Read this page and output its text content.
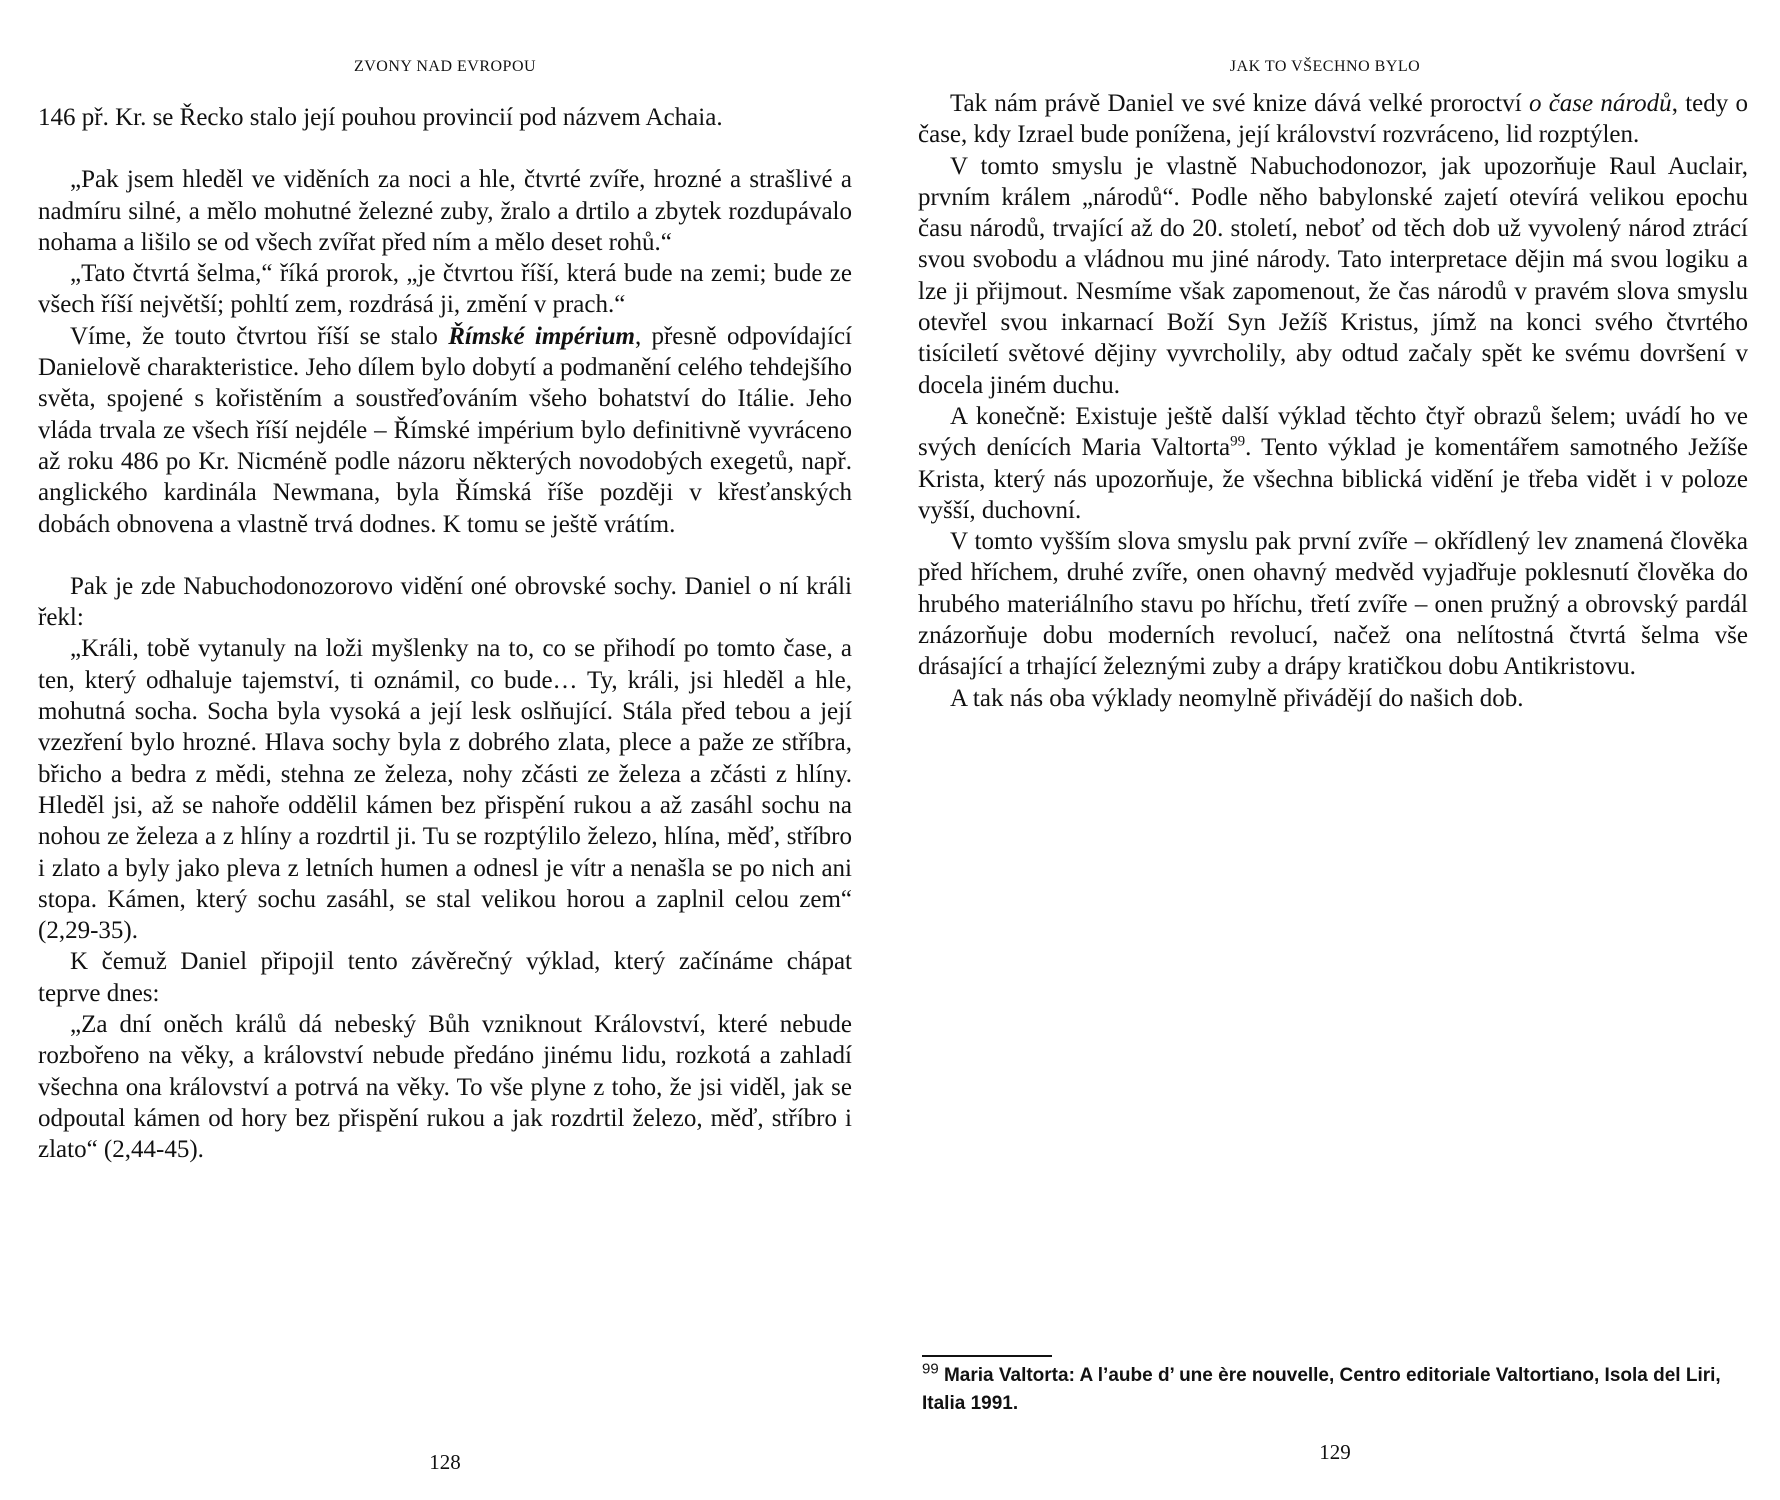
ZVONY NAD EVROPOU

146 př. Kr. se Řecko stalo její pouhou provincií pod názvem Achaia.

„Pak jsem hleděl ve viděních za noci a hle, čtvrté zvíře, hrozné a strašlivé a nadmíru silné, a mělo mohutné železné zuby, žralo a drtilo a zbytek rozdupávalo nohama a lišilo se od všech zvířat před ním a mělo deset rohů.“

„Tato čtvrtá šelma,“ říká prorok, „je čtvrtou říší, která bude na zemi; bude ze všech říší největší; pohltí zem, rozdrásá ji, změní v prach.“

Víme, že touto čtvrtou říší se stalo Římské impérium, přesně odpovídající Danielově charakteristice. Jeho dílem bylo dobytí a podmanění celého tehdejšího světa, spojené s kořistěním a soustřeďováním všeho bohatství do Itálie. Jeho vláda trvala ze všech říší nejdéle – Římské impérium bylo definitivně vyvráceno až roku 486 po Kr. Nicméně podle názoru některých novodobých exegetů, např. anglického kardinála Newmana, byla Římská říše později v křesťanských dobách obnovena a vlastně trvá dodnes. K tomu se ještě vrátím.

Pak je zde Nabuchodonozorovo vidění oné obrovské sochy. Daniel o ní králi řekl:

„Králi, tobě vytanuly na loži myšlenky na to, co se přihodí po tomto čase, a ten, který odhaluje tajemství, ti oznámil, co bude… Ty, králi, jsi hleděl a hle, mohutná socha. Socha byla vysoká a její lesk oslňující. Stála před tebou a její vzezření bylo hrozné. Hlava sochy byla z dobrého zlata, plece a paže ze stříbra, břicho a bedra z mědi, stehna ze železa, nohy zčásti ze železa a zčásti z hlíny. Hleděl jsi, až se nahoře oddělil kámen bez přispění rukou a až zasáhl sochu na nohou ze železa a z hlíny a rozdrtil ji. Tu se rozptýlilo železo, hlína, měď, stříbro i zlato a byly jako pleva z letních humen a odnesl je vítr a nenašla se po nich ani stopa. Kámen, který sochu zasáhl, se stal velikou horou a zaplnil celou zem“ (2,29-35).

K čemuž Daniel připojil tento závěrečný výklad, který začínáme chápat teprve dnes:

„Za dní oněch králů dá nebeský Bůh vzniknout Království, které nebude rozbořeno na věky, a království nebude předáno jinému lidu, rozkotá a zahladí všechna ona království a potrvá na věky. To vše plyne z toho, že jsi viděl, jak se odpoutal kámen od hory bez přispění rukou a jak rozdrtil železo, měď, stříbro i zlato“ (2,44-45).

128
JAK TO VŠECHNO BYLO

Tak nám právě Daniel ve své knize dává velké proroctví o čase národů, tedy o čase, kdy Izrael bude ponížena, její království rozvráceno, lid rozptýlen.

V tomto smyslu je vlastně Nabuchodonozor, jak upozorňuje Raul Auclair, prvním králem „národů“. Podle něho babylonské zajetí otevírá velikou epochu času národů, trvající až do 20. století, neboť od těch dob už vyvolený národ ztrácí svou svobodu a vládnou mu jiné národy. Tato interpretace dějin má svou logiku a lze ji přijmout. Nesmíme však zapomenout, že čas národů v pravém slova smyslu otevřel svou inkarnací Boží Syn Ježíš Kristus, jímž na konci svého čtvrtého tisíciletí světové dějiny vyvrcholily, aby odtud začaly spět ke svému dovršení v docela jiném duchu.

A konečně: Existuje ještě další výklad těchto čtyř obrazů šelem; uvádí ho ve svých denících Maria Valtorta$^{99}$. Tento výklad je komentářem samotného Ježíše Krista, který nás upozorňuje, že všechna biblická vidění je třeba vidět i v poloze vyšší, duchovní.

V tomto vyšším slova smyslu pak první zvíře – okřídlený lev znamená člověka před hříchem, druhé zvíře, onen ohavný medvěd vyjadřuje poklesnutí člověka do hrubého materiálního stavu po hříchu, třetí zvíře – onen pružný a obrovský pardál znázorňuje dobu moderních revolucí, načež ona nelítostná čtvrtá šelma vše drásající a trhající železnými zuby a drápy kratičkou dobu Antikristovu.

A tak nás oba výklady neomylně přivádějí do našich dob.

$^{99}$ Maria Valtorta: A l’aube d’ une ère nouvelle, Centro editoriale Valtortiano, Isola del Liri, Italia 1991.
129
